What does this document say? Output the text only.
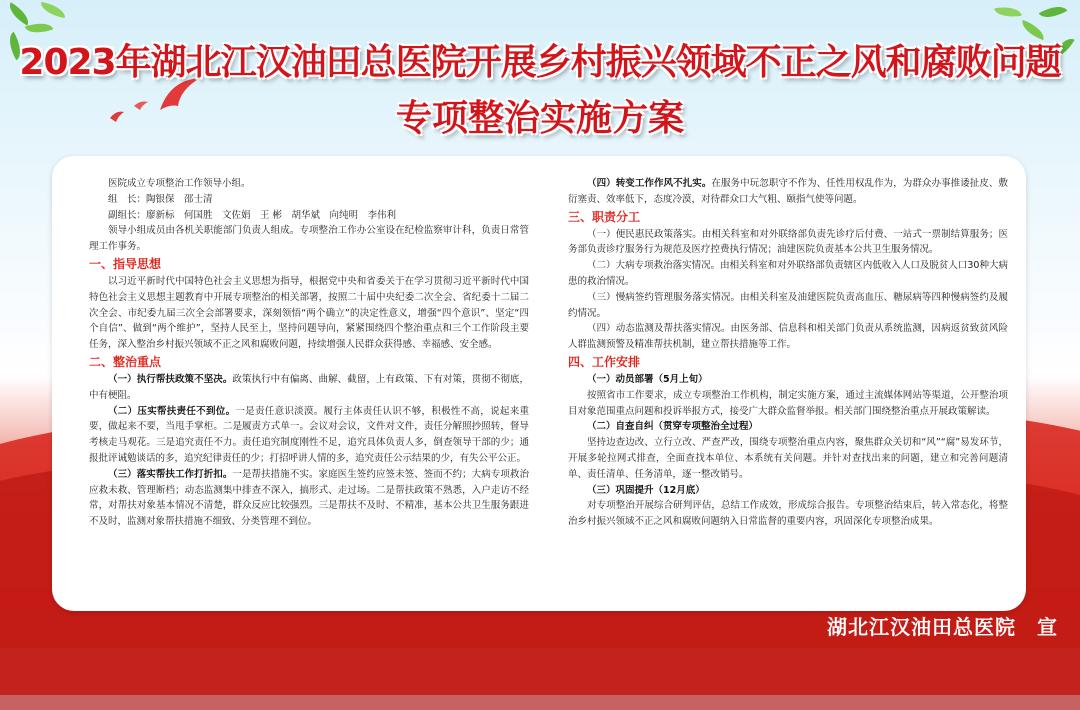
2023年湖北江汉油田总医院开展乡村振兴领域不正之风和腐败问题
专项整治实施方案

医院成立专项整治工作领导小组。

组　长：陶银保　邵士清

副组长：廖新标　何国胜　文佐娟　王 彬　胡华斌　向纯明　李伟利

领导小组成员由各机关职能部门负责人组成。专项整治工作办公室设在纪检监察审计科，负责日常管理工作事务。

一、指导思想

以习近平新时代中国特色社会主义思想为指导，根据党中央和省委关于在学习贯彻习近平新时代中国特色社会主义思想主题教育中开展专项整治的相关部署，按照二十届中央纪委二次全会、省纪委十二届二次全会、市纪委九届三次全会部署要求，深刻领悟“两个确立”的决定性意义，增强“四个意识”、坚定“四个自信”、做到“两个维护”，坚持人民至上，坚持问题导向，紧紧围绕四个整治重点和三个工作阶段主要任务，深入整治乡村振兴领域不正之风和腐败问题，持续增强人民群众获得感、幸福感、安全感。

二、整治重点

（一）执行帮扶政策不坚决。政策执行中有偏离、曲解、截留，上有政策、下有对策，贯彻不彻底，中有梗阻。

（二）压实帮扶责任不到位。一是责任意识淡漠。履行主体责任认识不够，积极性不高，说起来重要，做起来不要，当甩手掌柜。二是履责方式单一。会议对会议，文件对文件，责任分解照抄照转，督导考核走马观花。三是追究责任不力。责任追究制度刚性不足，追究具体负责人多，倒查领导干部的少；通报批评诫勉谈话的多，追究纪律责任的少；打招呼讲人情的多，追究责任公示结果的少，有失公平公正。

（三）落实帮扶工作打折扣。一是帮扶措施不实。家庭医生签约应签未签、签而不约；大病专项救治应救未救、管理断档；动态监测集中排查不深入，搞形式、走过场。二是帮扶政策不熟悉，入户走访不经常，对帮扶对象基本情况不清楚，群众反应比较强烈。三是帮扶不及时、不精准，基本公共卫生服务跟进不及时，监测对象帮扶措施不细致、分类管理不到位。

（四）转变工作作风不扎实。在服务中玩忽职守不作为、任性用权乱作为，为群众办事推诿扯皮、敷衍塞责、效率低下，态度冷漠，对待群众口大气粗、颐指气使等问题。

三、职责分工

（一）便民惠民政策落实。由相关科室和对外联络部负责先诊疗后付费、一站式一票制结算服务；医务部负责诊疗服务行为规范及医疗控费执行情况；油建医院负责基本公共卫生服务情况。

（二）大病专项救治落实情况。由相关科室和对外联络部负责辖区内低收入人口及脱贫人口30种大病患的救治情况。

（三）慢病签约管理服务落实情况。由相关科室及油建医院负责高血压、糖尿病等四种慢病签约及履约情况。

（四）动态监测及帮扶落实情况。由医务部、信息科和相关部门负责从系统监测，因病返贫致贫风险人群监测预警及精准帮扶机制，建立帮扶措施等工作。

四、工作安排

（一）动员部署（5月上旬）

按照省市工作要求，成立专项整治工作机构，制定实施方案，通过主流媒体网站等渠道，公开整治项目对象范围重点问题和投诉举报方式，接受广大群众监督举报。相关部门围绕整治重点开展政策解读。

（二）自查自纠（贯穿专项整治全过程）

坚持边查边改、立行立改、严查严改，围绕专项整治重点内容，聚焦群众关切和“风”“腐”易发环节，开展多轮拉网式排查，全面查找本单位、本系统有关问题。并针对查找出来的问题，建立和完善问题清单、责任清单、任务清单，逐一整改销号。

（三）巩固提升（12月底）

对专项整治开展综合研判评估，总结工作成效，形成综合报告。专项整治结束后，转入常态化，将整治乡村振兴领域不正之风和腐败问题纳入日常监督的重要内容，巩固深化专项整治成果。

湖北江汉油田总医院　宣
